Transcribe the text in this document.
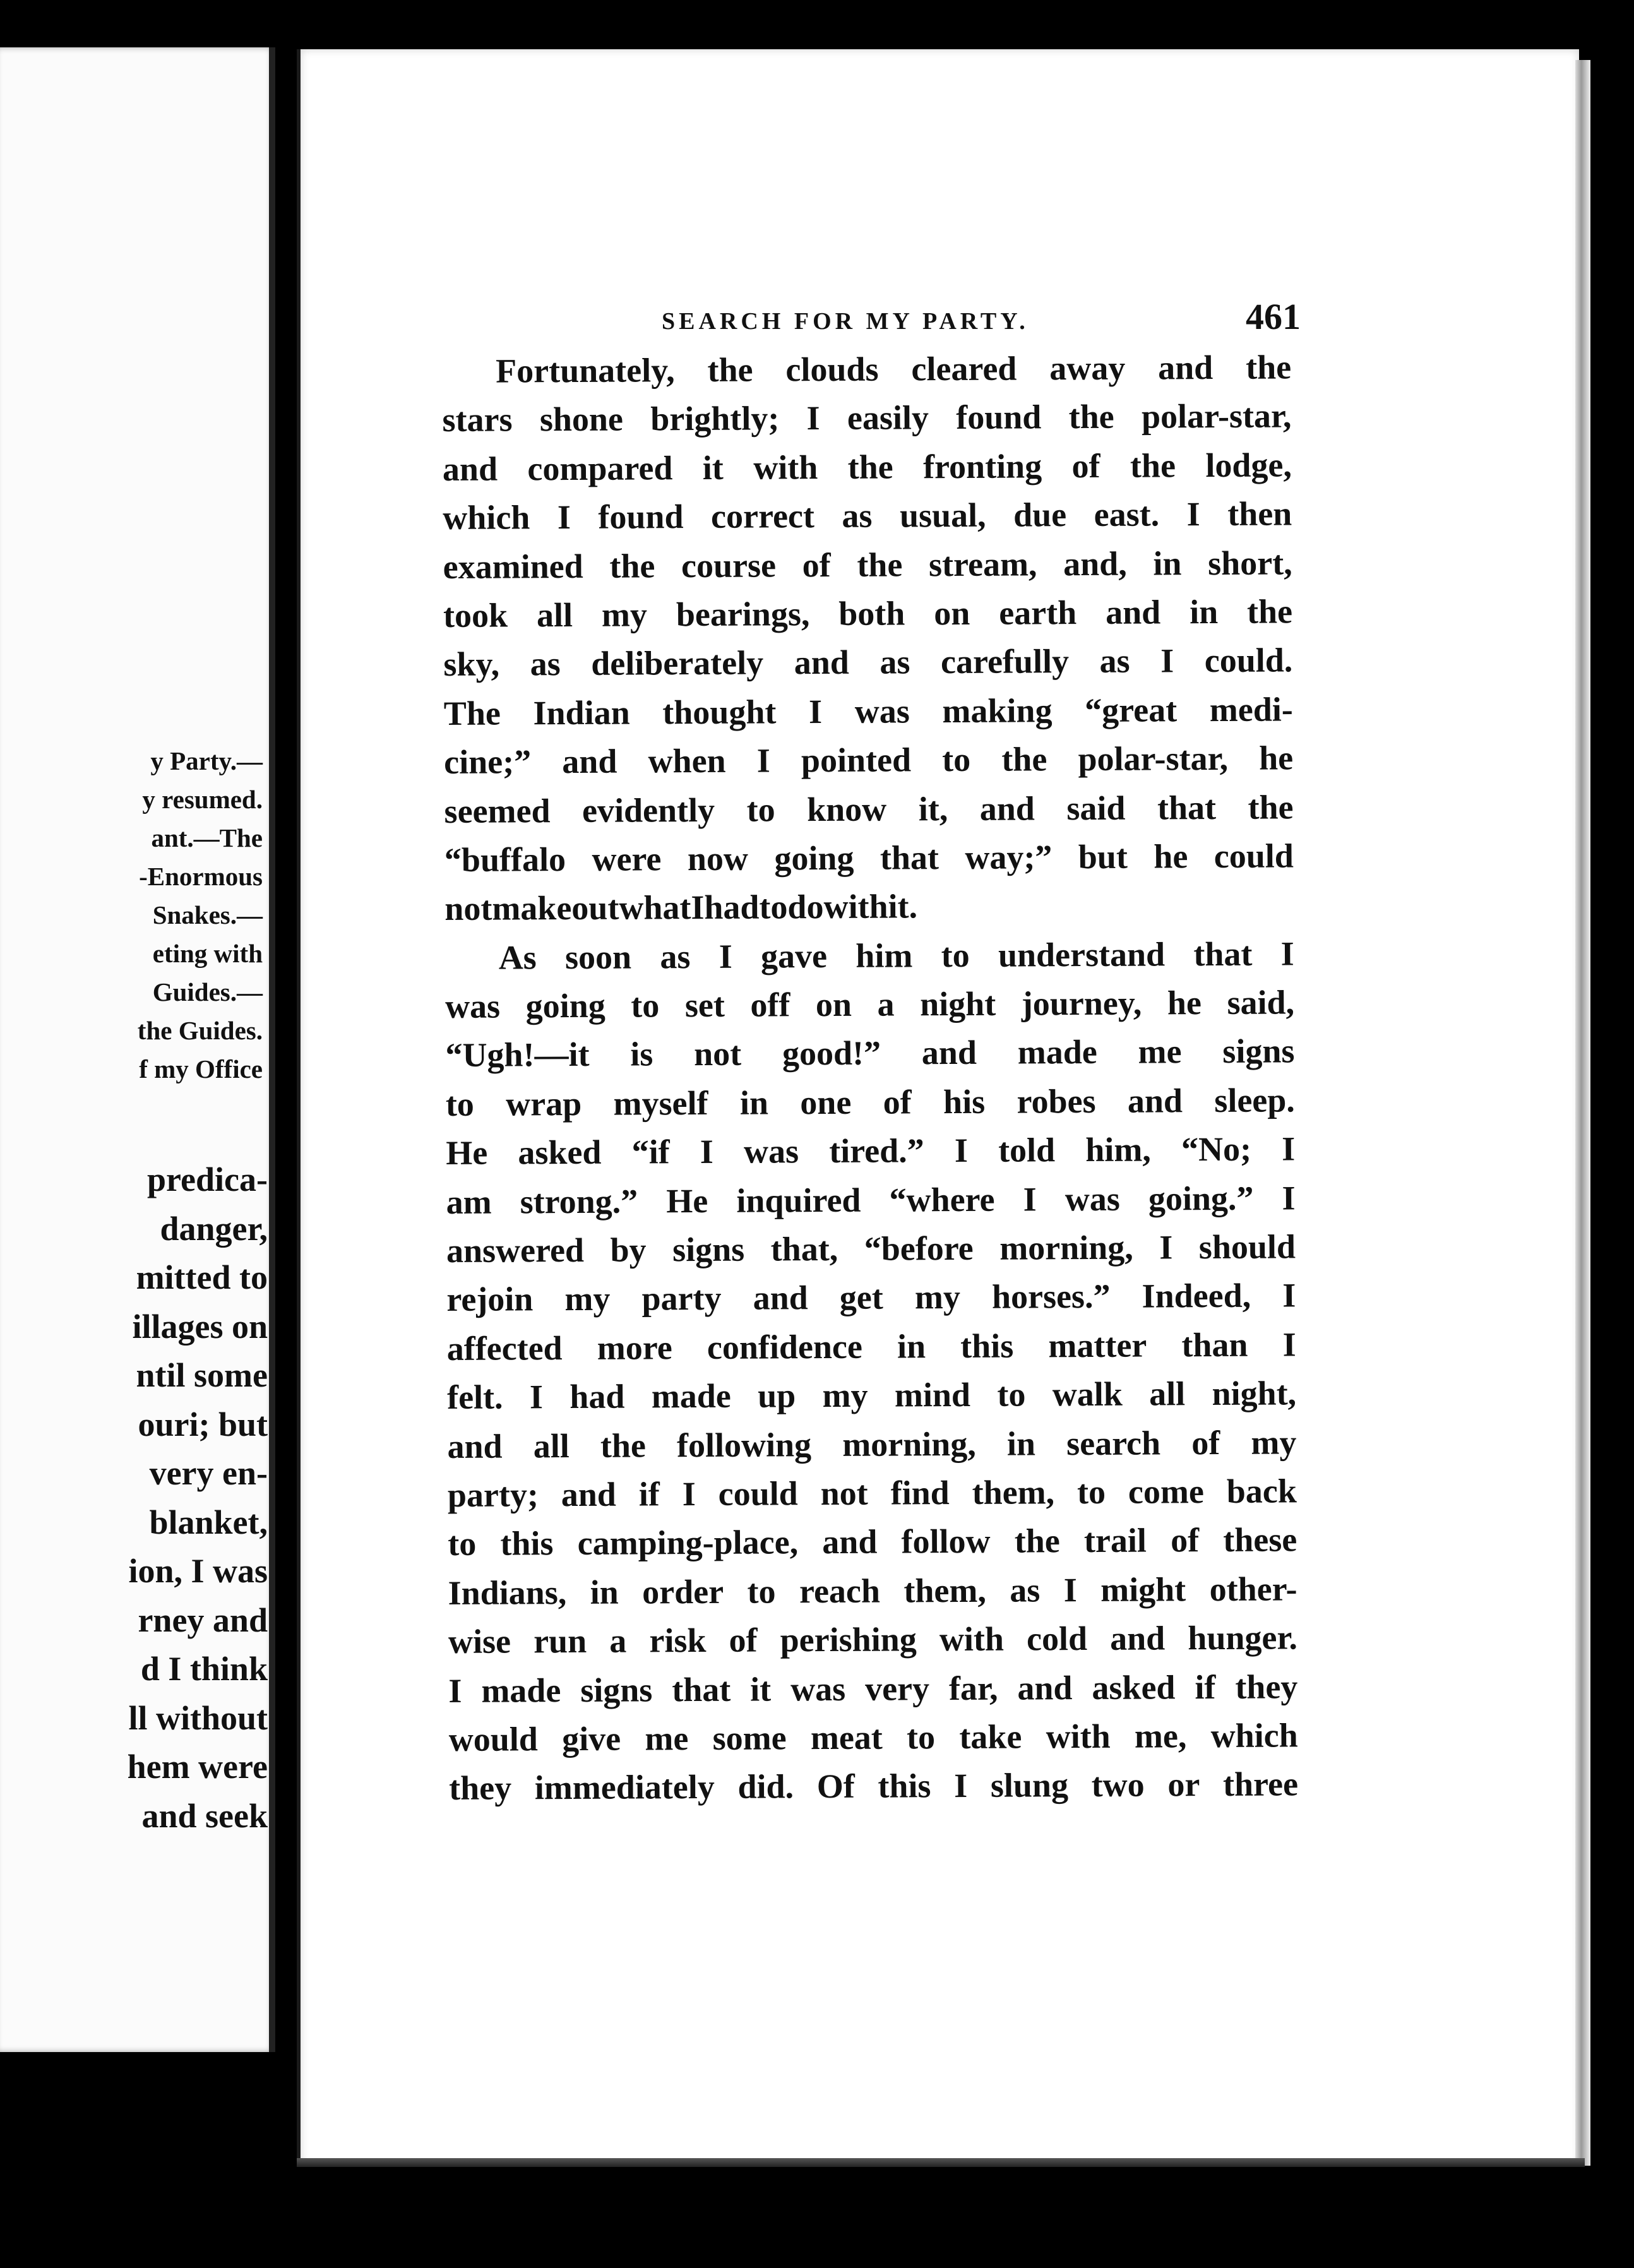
y Party.—
y resumed.
ant.—The
-Enormous
Snakes.—
eting with
Guides.—
the Guides.
f my Office
predica-
danger,
mitted to
illages on
ntil some
ouri; but
very en-
blanket,
ion, I was
rney and
d I think
ll without
hem were
and seek
SEARCH FOR MY PARTY.	461
Fortunately, the clouds cleared away and the
stars shone brightly; I easily found the polar-star,
and compared it with the fronting of the lodge,
which I found correct as usual, due east. I then
examined the course of the stream, and, in short,
took all my bearings, both on earth and in the
sky, as deliberately and as carefully as I could.
The Indian thought I was making “great medi-
cine;” and when I pointed to the polar-star, he
seemed evidently to know it, and said that the
“buffalo were now going that way;” but he could
not make out what I had to do with it.
As soon as I gave him to understand that I
was going to set off on a night journey, he said,
“Ugh!—it is not good!” and made me signs
to wrap myself in one of his robes and sleep.
He asked “if I was tired.” I told him, “No; I
am strong.” He inquired “where I was going.” I
answered by signs that, “before morning, I should
rejoin my party and get my horses.” Indeed, I
affected more confidence in this matter than I
felt. I had made up my mind to walk all night,
and all the following morning, in search of my
party; and if I could not find them, to come back
to this camping-place, and follow the trail of these
Indians, in order to reach them, as I might other-
wise run a risk of perishing with cold and hunger.
I made signs that it was very far, and asked if they
would give me some meat to take with me, which
they immediately did. Of this I slung two or three
